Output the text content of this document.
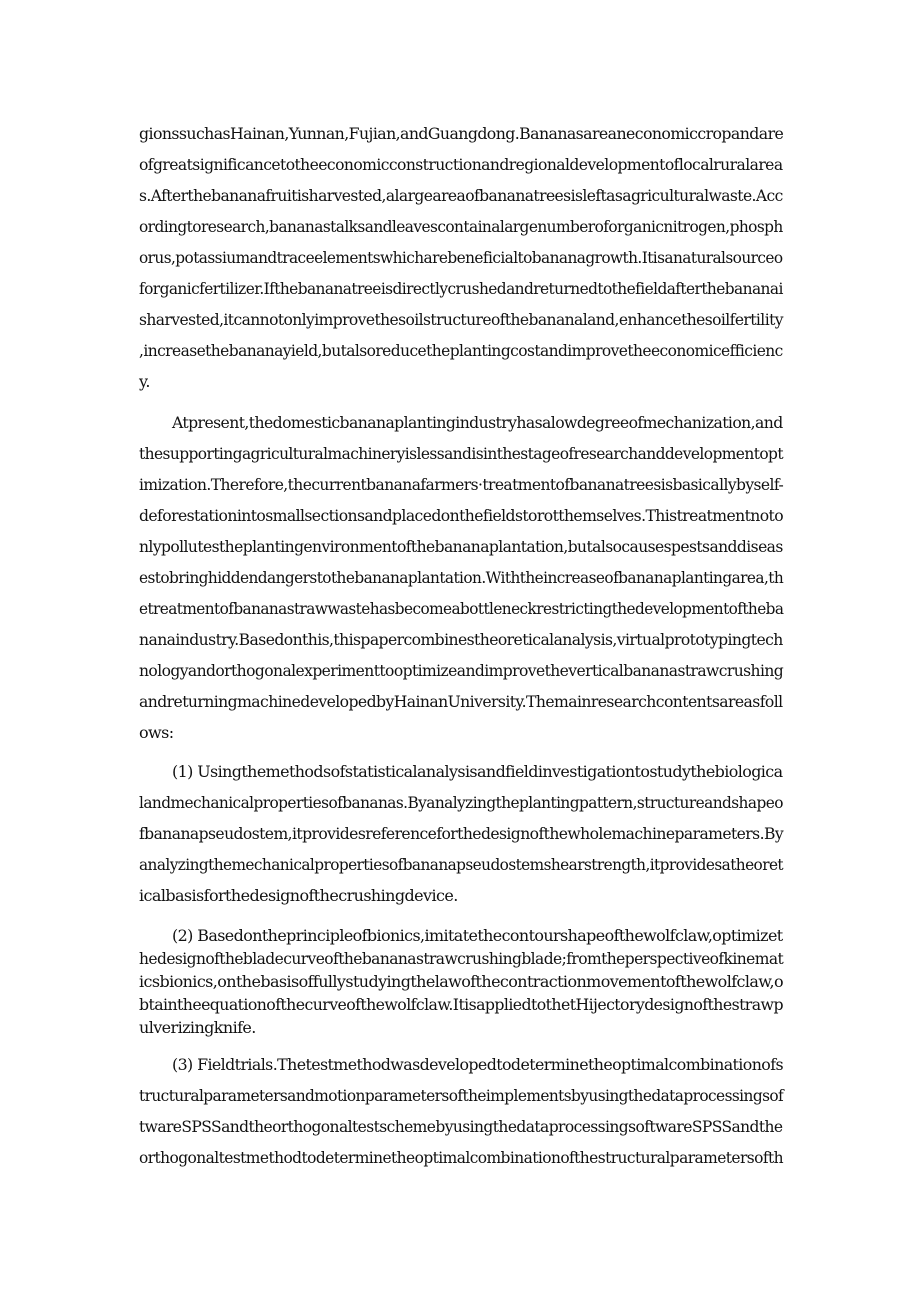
gionssuchasHainan,Yunnan,Fujian,andGuangdong.Bananasareaneconomiccropandare
ofgreatsignificancetotheeconomicconstructionandregionaldevelopmentoflocalruralarea
s.Afterthebananafruitisharvested,alargeareaofbananatreesisleftasagriculturalwaste.Acc
ordingtoresearch,bananastalksandleavescontainalargenumberoforganicnitrogen,phosph
orus,potassiumandtraceelementswhicharebeneficialtobananagrowth.Itisanaturalsourceo
forganicfertilizer.Ifthebananatreeisdirectlycrushedandreturnedtothefieldafterthebananai
sharvested,itcannotonlyimprovethesoilstructureofthebananaland,enhancethesoilfertility
,increasethebananayield,butalsoreducetheplantingcostandimprovetheeconomicefficienc
y.
Atpresent,thedomesticbananaplantingindustryhasalowdegreeofmechanization,and
thesupportingagriculturalmachineryislessandisinthestageofresearchanddevelopmentopt
imization.Therefore,thecurrentbananafarmers·treatmentofbananatreesisbasicallybyself-
deforestationintosmallsectionsandplacedonthefieldstorotthemselves.Thistreatmentnoto
nlypollutestheplantingenvironmentofthebananaplantation,butalsocausespestsanddiseas
estobringhiddendangerstothebananaplantation.Withtheincreaseofbananaplantingarea,th
etreatmentofbananastrawwastehasbecomeabottleneckrestrictingthedevelopmentoftheba
nanaindustry.Basedonthis,thispapercombinestheoreticalanalysis,virtualprototypingtech
nologyandorthogonalexperimenttooptimizeandimprovetheverticalbananastrawcrushing
andreturningmachinedevelopedbyHainanUniversity.Themainresearchcontentsareasfoll
ows:
(1) Usingthemethodsofstatisticalanalysisandfieldinvestigationtostudythebiologica
landmechanicalpropertiesofbananas.Byanalyzingtheplantingpattern,structureandshapeo
fbananapseudostem,itprovidesreferenceforthedesignofthewholemachineparameters.By
analyzingthemechanicalpropertiesofbananapseudostemshearstrength,itprovidesatheoret
icalbasisforthedesignofthecrushingdevice.
(2) Basedontheprincipleofbionics,imitatethecontourshapeofthewolfclaw,optimizet
hedesignofthebladecurveofthebananastrawcrushingblade;fromtheperspectiveofkinemat
icsbionics,onthebasisoffullystudyingthelawofthecontractionmovementofthewolfclaw,o
btaintheequationofthecurveofthewolfclaw.ItisappliedtothetHijectorydesignofthestrawp
ulverizingknife.
(3) Fieldtrials.Thetestmethodwasdevelopedtodeterminetheoptimalcombinationofs
tructuralparametersandmotionparametersoftheimplementsbyusingthedataprocessingsof
twareSPSSandtheorthogonaltestschemebyusingthedataprocessingsoftwareSPSSandthe
orthogonaltestmethodtodeterminetheoptimalcombinationofthestructuralparametersofth
